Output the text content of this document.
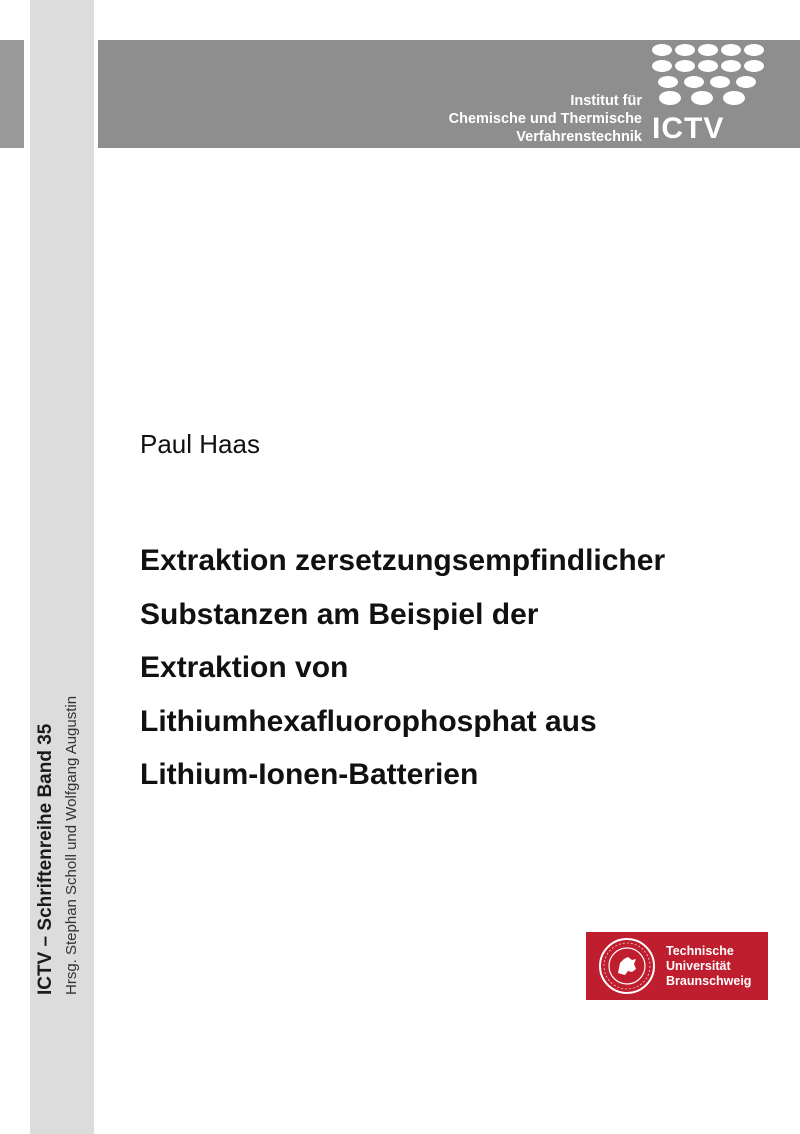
ICTV – Schriftenreihe Band 35 Hrsg. Stephan Scholl und Wolfgang Augustin
Institut für
Chemische und Thermische
Verfahrenstechnik ICTV
Paul Haas
Extraktion zersetzungsempfindlicher
Substanzen am Beispiel der
Extraktion von
Lithiumhexafluorophosphat aus
Lithium-Ionen-Batterien
Technische
Universität
Braunschweig
